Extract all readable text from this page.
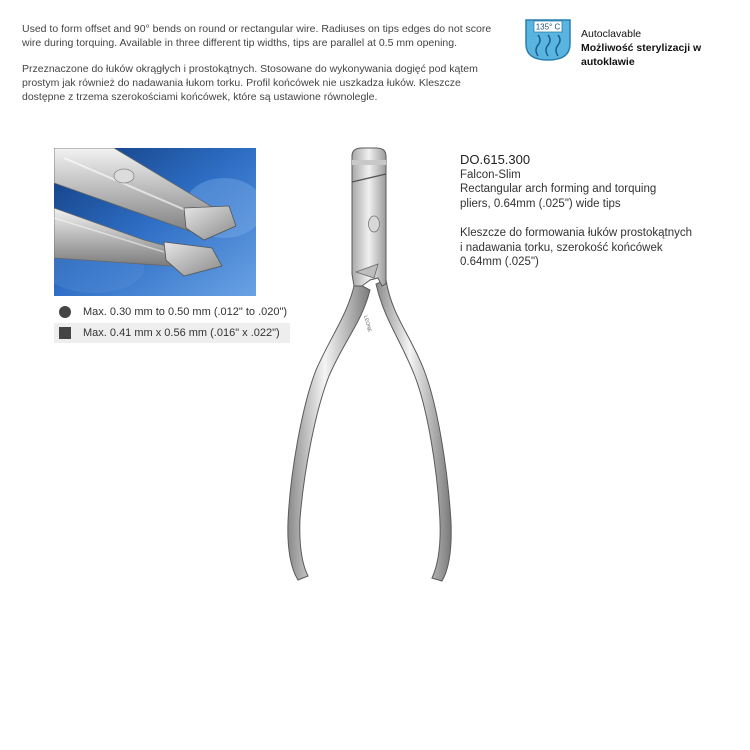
Used to form offset and 90° bends on round or rectangular wire. Radiuses on tips edges do not score wire during torquing. Available in three different tip widths, tips are parallel at 0.5 mm opening.
Przeznaczone do łuków okrągłych i prostokątnych. Stosowane do wykonywania dogięć pod kątem prostym jak również do nadawania łukom torku. Profil końcówek nie uszkadza łuków. Kleszcze dostępne z trzema szerokościami końcówek, które są ustawione równolegle.
135° C
Autoclavable
Możliwość sterylizacji w autoklawie
Max. 0.30 mm to 0.50 mm (.012" to .020")
Max. 0.41 mm x 0.56 mm (.016" x .022")
LEONE
DO.615.300
Falcon-Slim
Rectangular arch forming and torquing
pliers, 0.64mm (.025") wide tips
Kleszcze do formowania łuków prostokątnych
i nadawania torku, szerokość końcówek
0.64mm (.025")
